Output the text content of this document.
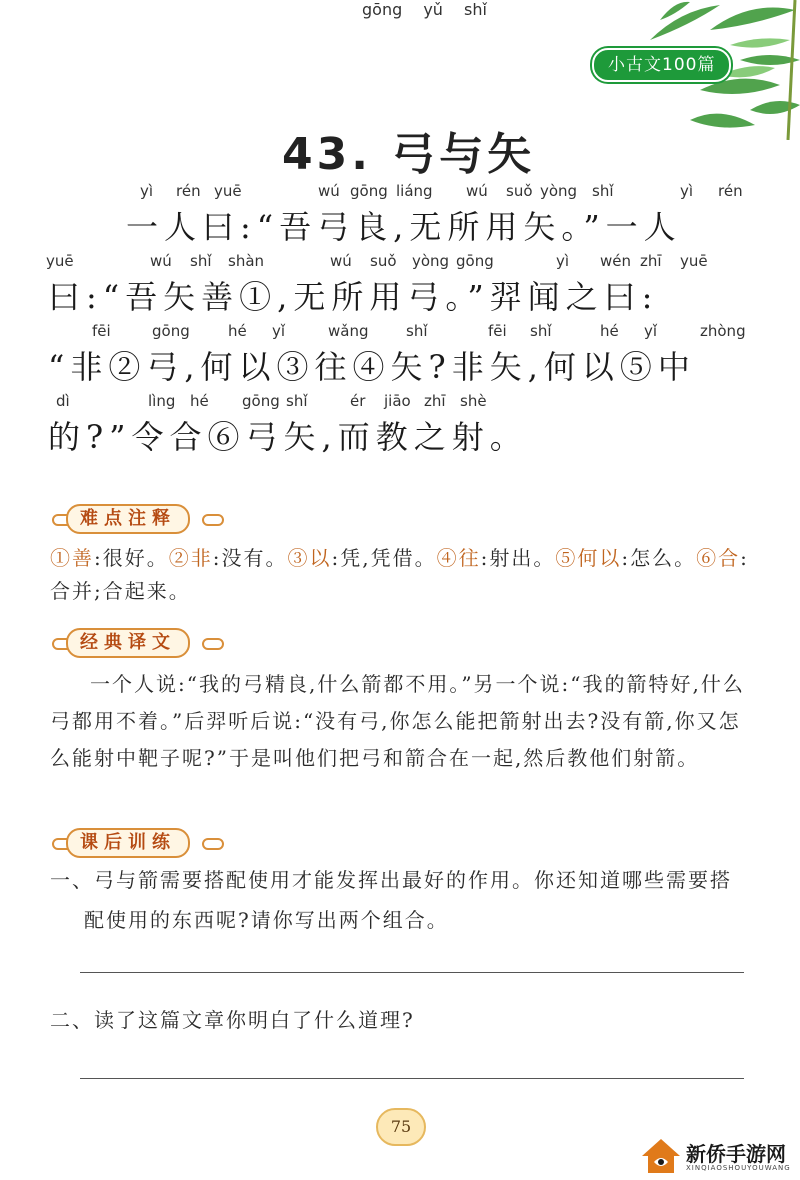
小古文100篇
gōng yǔ shǐ
43. 弓与矢
yì rén yuē	wú gōng liáng wú suǒ yòng shǐ	yì rén
一人曰:“吾弓良,无所用矢。”一人
yuē	wú shǐ shàn	wú suǒ yòng gōng	yì wén zhī yuē
曰:“吾矢善①,无所用弓。”羿闻之曰:
fēi	gōng	hé yǐ	wǎng	shǐ	fēi shǐ	hé yǐ	zhòng
“非②弓,何以③往④矢?非矢,何以⑤中
dì	lìng hé gōng shǐ	ér jiāo zhī shè
的?”令合⑥弓矢,而教之射。
难点注释
①善:很好。②非:没有。③以:凭,凭借。④往:射出。⑤何以:怎么。⑥合:合并;合起来。
经典译文
一个人说:“我的弓精良,什么箭都不用。”另一个说:“我的箭特好,什么弓都用不着。”后羿听后说:“没有弓,你怎么能把箭射出去?没有箭,你又怎么能射中靶子呢?”于是叫他们把弓和箭合在一起,然后教他们射箭。
课后训练
一、弓与箭需要搭配使用才能发挥出最好的作用。你还知道哪些需要搭配使用的东西呢?请你写出两个组合。
二、读了这篇文章你明白了什么道理?
75
新侨手游网
XINQIAOSHOUYOUWANG
